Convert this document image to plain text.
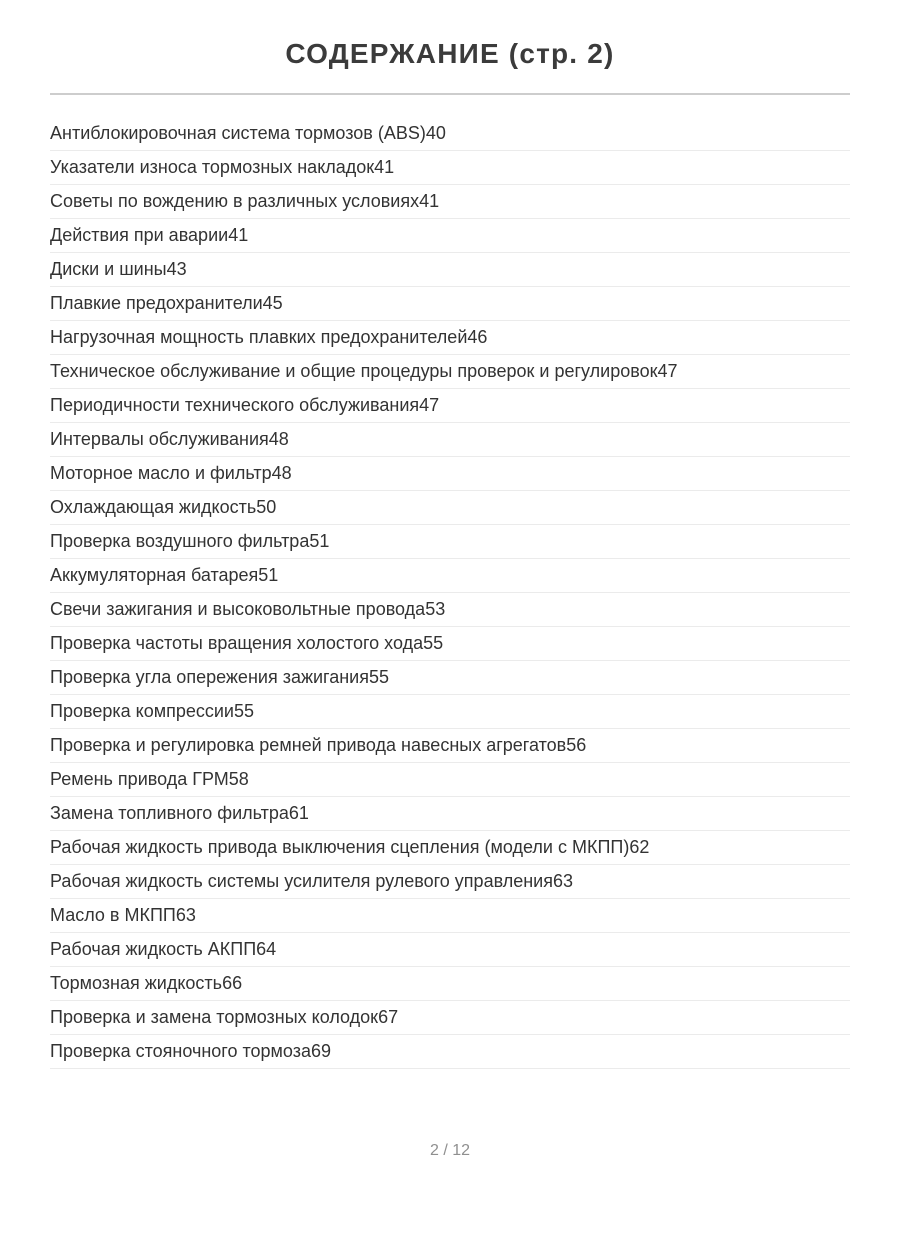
СОДЕРЖАНИЕ (стр. 2)
Антиблокировочная система тормозов (ABS)40
Указатели износа тормозных накладок41
Советы по вождению в различных условиях41
Действия при аварии41
Диски и шины43
Плавкие предохранители45
Нагрузочная мощность плавких предохранителей46
Техническое обслуживание и общие процедуры проверок и регулировок47
Периодичности технического обслуживания47
Интервалы обслуживания48
Моторное масло и фильтр48
Охлаждающая жидкость50
Проверка воздушного фильтра51
Аккумуляторная батарея51
Свечи зажигания и высоковольтные провода53
Проверка частоты вращения холостого хода55
Проверка угла опережения зажигания55
Проверка компрессии55
Проверка и регулировка ремней привода навесных агрегатов56
Ремень привода ГРМ58
Замена топливного фильтра61
Рабочая жидкость привода выключения сцепления (модели с МКПП)62
Рабочая жидкость системы усилителя рулевого управления63
Масло в МКПП63
Рабочая жидкость АКПП64
Тормозная жидкость66
Проверка и замена тормозных колодок67
Проверка стояночного тормоза69
2 / 12
